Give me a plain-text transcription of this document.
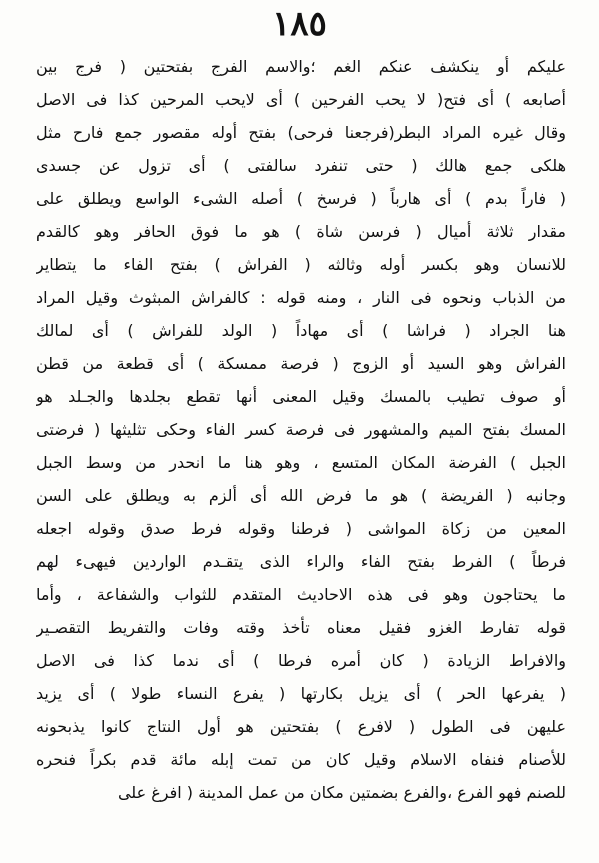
١٨٥
عليكم أو ينكشف عنكم الغم ؛والاسم الفرج بفتحتين ( فرج بين
أصابعه ) أى فتح( لا يحب الفرحين ) أى لايحب المرحين كذا فى الاصل
وقال غيره المراد البطر(فرجعنا فرحى) بفتح أوله مقصور جمع فارح مثل
هلكى جمع هالك ( حتى تنفرد سالفتى ) أى تزول عن جسدى
( فاراً بدم ) أى هارباً ( فرسخ ) أصله الشىء الواسع ويطلق على
مقدار ثلاثة أميال ( فرسن شاة ) هو ما فوق الحافر وهو كالقدم
للانسان وهو بكسر أوله وثالثه ( الفراش ) بفتح الفاء ما يتطاير
من الذباب ونحوه فى النار ، ومنه قوله : كالفراش المبثوث وقيل المراد
هنا الجراد ( فراشا ) أى مهاداً ( الولد للفراش ) أى لمالك
الفراش وهو السيد أو الزوج ( فرصة ممسكة ) أى قطعة من قطن
أو صوف تطيب بالمسك وقيل المعنى أنها تقطع بجلدها والجـلد هو
المسك بفتح الميم والمشهور فى فرصة كسر الفاء وحكى تثليثها ( فرضتى
الجبل ) الفرضة المكان المتسع ، وهو هنا ما انحدر من وسط الجبل
وجانبه ( الفريضة ) هو ما فرض الله أى ألزم به ويطلق على السن
المعين من زكاة المواشى ( فرطنا وقوله فرط صدق وقوله اجعله
فرطاً ) الفرط بفتح الفاء والراء الذى يتقـدم الواردين فيهىء لهم
ما يحتاجون وهو فى هذه الاحاديث المتقدم للثواب والشفاعة ، وأما
قوله تفارط الغزو فقيل معناه تأخذ وقته وفات والتفريط التقصـير
والافراط الزيادة ( كان أمره فرطا ) أى ندما كذا فى الاصل
( يفرعها الحر ) أى يزيل بكارتها ( يفرع النساء طولا ) أى يزيد
عليهن فى الطول ( لافرع ) بفتحتين هو أول النتاج كانوا يذبحونه
للأصنام فنفاه الاسلام وقيل كان من تمت إبله مائة قدم بكراً فنحره
للصنم فهو الفرع ،والفرع بضمتين مكان من عمل المدينة ( افرغ على
